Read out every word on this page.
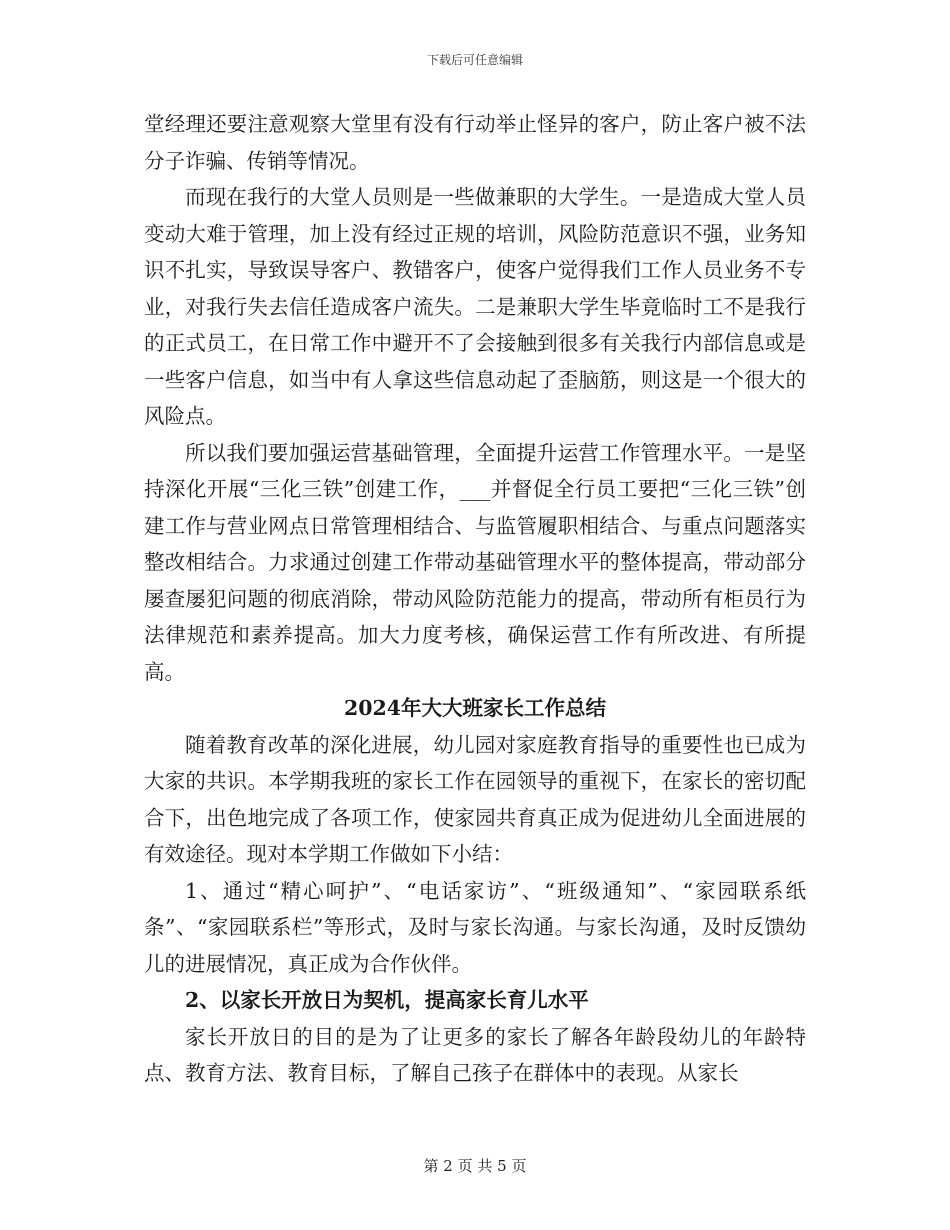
下载后可任意编辑

堂经理还要注意观察大堂里有没有行动举止怪异的客户，防止客户被不法分子诈骗、传销等情况。

而现在我行的大堂人员则是一些做兼职的大学生。一是造成大堂人员变动大难于管理，加上没有经过正规的培训，风险防范意识不强，业务知识不扎实，导致误导客户、教错客户，使客户觉得我们工作人员业务不专业，对我行失去信任造成客户流失。二是兼职大学生毕竟临时工不是我行的正式员工，在日常工作中避开不了会接触到很多有关我行内部信息或是一些客户信息，如当中有人拿这些信息动起了歪脑筋，则这是一个很大的风险点。

所以我们要加强运营基础管理，全面提升运营工作管理水平。一是坚持深化开展“三化三铁”创建工作，___并督促全行员工要把“三化三铁”创建工作与营业网点日常管理相结合、与监管履职相结合、与重点问题落实整改相结合。力求通过创建工作带动基础管理水平的整体提高，带动部分屡查屡犯问题的彻底消除，带动风险防范能力的提高，带动所有柜员行为法律规范和素养提高。加大力度考核，确保运营工作有所改进、有所提高。

2024年大大班家长工作总结

随着教育改革的深化进展，幼儿园对家庭教育指导的重要性也已成为大家的共识。本学期我班的家长工作在园领导的重视下，在家长的密切配合下，出色地完成了各项工作，使家园共育真正成为促进幼儿全面进展的有效途径。现对本学期工作做如下小结：

1、通过“精心呵护”、“电话家访”、“班级通知”、“家园联系纸条”、“家园联系栏”等形式，及时与家长沟通。与家长沟通，及时反馈幼儿的进展情况，真正成为合作伙伴。

2、以家长开放日为契机，提高家长育儿水平

家长开放日的目的是为了让更多的家长了解各年龄段幼儿的年龄特点、教育方法、教育目标，了解自己孩子在群体中的表现。从家长

第 2 页 共 5 页
